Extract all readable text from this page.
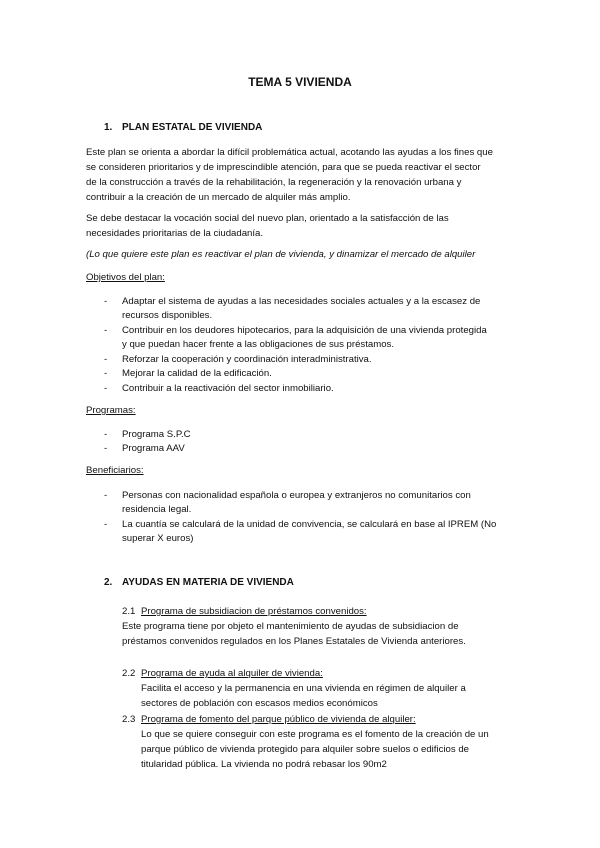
TEMA 5 VIVIENDA
1. PLAN ESTATAL DE VIVIENDA
Este plan se orienta a abordar la difícil problemática actual, acotando las ayudas a los fines que
se consideren prioritarios y de imprescindible atención, para que se pueda reactivar el sector
de la construcción a través de la rehabilitación, la regeneración y la renovación urbana y
contribuir a la creación de un mercado de alquiler más amplio.
Se debe destacar la vocación social del nuevo plan, orientado a la satisfacción de las
necesidades prioritarias de la ciudadanía.
(Lo que quiere este plan es reactivar el plan de vivienda, y dinamizar el mercado de alquiler
Objetivos del plan:
- Adaptar el sistema de ayudas a las necesidades sociales actuales y a la escasez de
recursos disponibles.
- Contribuir en los deudores hipotecarios, para la adquisición de una vivienda protegida
y que puedan hacer frente a las obligaciones de sus préstamos.
- Reforzar la cooperación y coordinación interadministrativa.
- Mejorar la calidad de la edificación.
- Contribuir a la reactivación del sector inmobiliario.
Programas:
- Programa S.P.C
- Programa AAV
Beneficiarios:
- Personas con nacionalidad española o europea y extranjeros no comunitarios con
residencia legal.
- La cuantía se calculará de la unidad de convivencia, se calculará en base al IPREM (No
superar X euros)
2. AYUDAS EN MATERIA DE VIVIENDA
2.1 Programa de subsidiacion de préstamos convenidos:
Este programa tiene por objeto el mantenimiento de ayudas de subsidiacion de
préstamos convenidos regulados en los Planes Estatales de Vivienda anteriores.
2.2 Programa de ayuda al alquiler de vivienda:
Facilita el acceso y la permanencia en una vivienda en régimen de alquiler a
sectores de población con escasos medios económicos
2.3 Programa de fomento del parque público de vivienda de alquiler:
Lo que se quiere conseguir con este programa es el fomento de la creación de un
parque público de vivienda protegido para alquiler sobre suelos o edificios de
titularidad pública. La vivienda no podrá rebasar los 90m2
